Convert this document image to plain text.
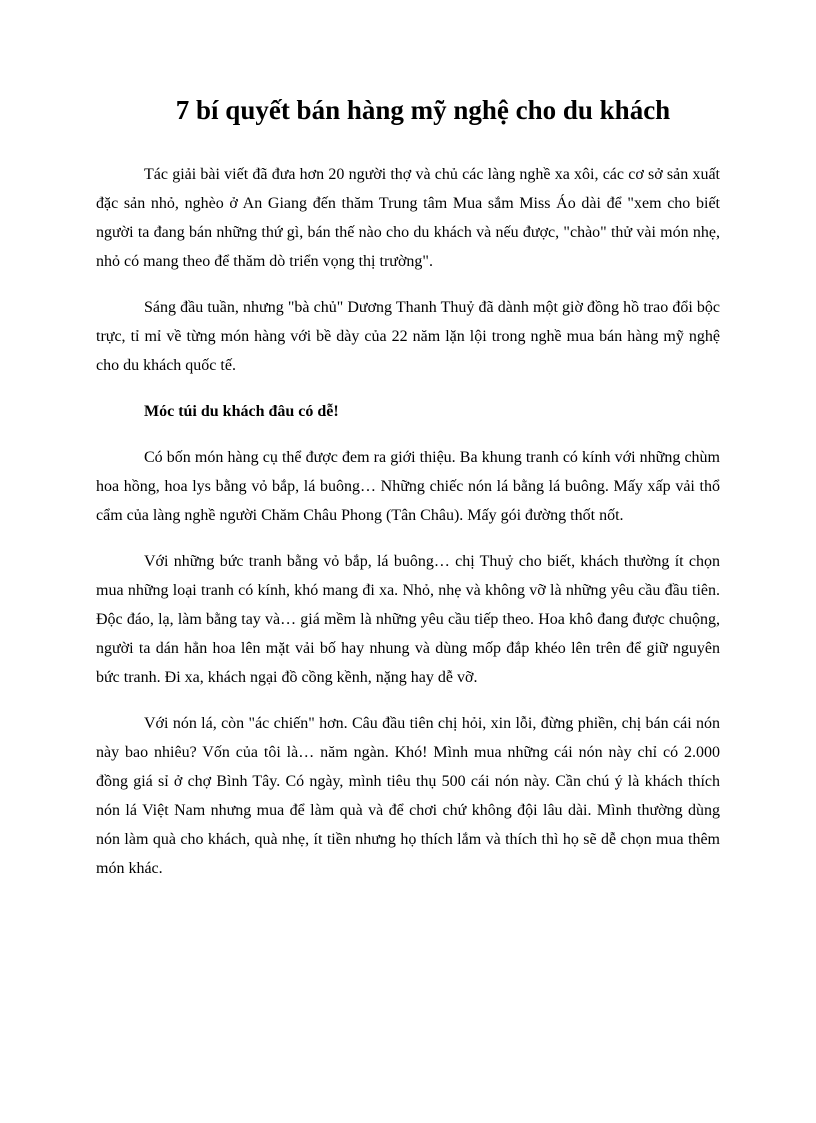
7 bí quyết bán hàng mỹ nghệ cho du khách

Tác giải bài viết đã đưa hơn 20 người thợ và chủ các làng nghề xa xôi, các cơ sở sản xuất đặc sản nhỏ, nghèo ở An Giang đến thăm Trung tâm Mua sắm Miss Áo dài để "xem cho biết người ta đang bán những thứ gì, bán thế nào cho du khách và nếu được, "chào" thử vài món nhẹ, nhỏ có mang theo để thăm dò triển vọng thị trường".

Sáng đầu tuần, nhưng "bà chủ" Dương Thanh Thuỷ đã dành một giờ đồng hồ trao đổi bộc trực, tỉ mỉ về từng món hàng với bề dày của 22 năm lặn lội trong nghề mua bán hàng mỹ nghệ cho du khách quốc tế.

Móc túi du khách đâu có dễ!

Có bốn món hàng cụ thể được đem ra giới thiệu. Ba khung tranh có kính với những chùm hoa hồng, hoa lys bằng vỏ bắp, lá buông… Những chiếc nón lá bằng lá buông. Mấy xấp vải thổ cẩm của làng nghề người Chăm Châu Phong (Tân Châu). Mấy gói đường thốt nốt.

Với những bức tranh bằng vỏ bắp, lá buông… chị Thuỷ cho biết, khách thường ít chọn mua những loại tranh có kính, khó mang đi xa. Nhỏ, nhẹ và không vỡ là những yêu cầu đầu tiên. Độc đáo, lạ, làm bằng tay và… giá mềm là những yêu cầu tiếp theo. Hoa khô đang được chuộng, người ta dán hẳn hoa lên mặt vải bố hay nhung và dùng mốp đắp khéo lên trên để giữ nguyên bức tranh. Đi xa, khách ngại đồ cồng kềnh, nặng hay dễ vỡ.

Với nón lá, còn "ác chiến" hơn. Câu đầu tiên chị hỏi, xin lỗi, đừng phiền, chị bán cái nón này bao nhiêu? Vốn của tôi là… năm ngàn. Khó! Mình mua những cái nón này chỉ có 2.000 đồng giá sỉ ở chợ Bình Tây. Có ngày, mình tiêu thụ 500 cái nón này. Cần chú ý là khách thích nón lá Việt Nam nhưng mua để làm quà và để chơi chứ không đội lâu dài. Mình thường dùng nón làm quà cho khách, quà nhẹ, ít tiền nhưng họ thích lắm và thích thì họ sẽ dễ chọn mua thêm món khác.
